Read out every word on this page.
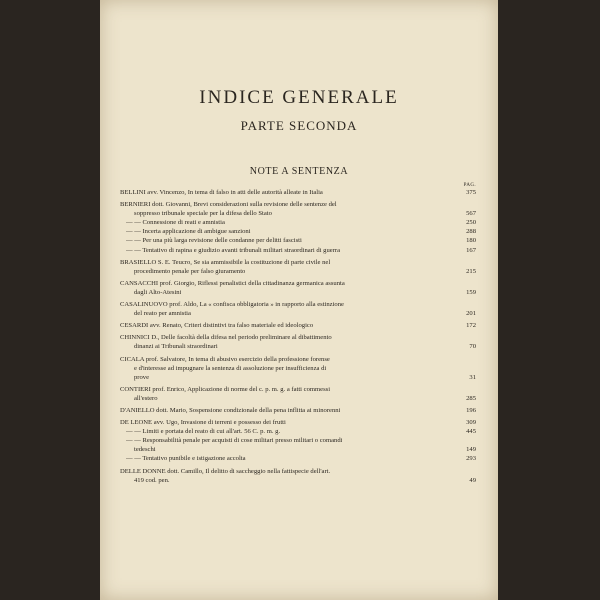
INDICE GENERALE
PARTE SECONDA
NOTE A SENTENZA
PAG.
BELLINI avv. Vincenzo, In tema di falso in atti delle autorità alleate in Italia	375
BERNIERI dott. Giovanni, Brevi considerazioni sulla revisione delle sentenze del
soppresso tribunale speciale per la difesa dello Stato	567
— — Connessione di reati e amnistia	250
— — Incerta applicazione di ambigue sanzioni	288
— — Per una più larga revisione delle condanne per delitti fascisti	180
— — Tentativo di rapina e giudizio avanti tribunali militari straordinari di guerra	167
BRASIELLO S. E. Teucro, Se sia ammissibile la costituzione di parte civile nel
procedimento penale per falso giuramento	215
CANSACCHI prof. Giorgio, Riflessi penalistici della cittadinanza germanica assunta
dagli Alto-Atesini	159
CASALINUOVO prof. Aldo, La « confisca obbligatoria » in rapporto alla estinzione
del reato per amnistia	201
CESARDI avv. Renato, Criteri distintivi tra falso materiale ed ideologico	172
CHINNICI D., Delle facoltà della difesa nel periodo preliminare al dibattimento
dinanzi ai Tribunali straordinari	70
CICALA prof. Salvatore, In tema di abusivo esercizio della professione forense
e d'interesse ad impugnare la sentenza di assoluzione per insufficienza di
prove	31
CONTIERI prof. Enrico, Applicazione di norme del c. p. m. g. a fatti commessi
all'estero	285
D'ANIELLO dott. Mario, Sospensione condizionale della pena inflitta ai minorenni	196
DE LEONE avv. Ugo, Invasione di terreni e possesso dei frutti	309
— — Limiti e portata del reato di cui all'art. 56 C. p. m. g.	445
— — Responsabilità penale per acquisti di cose militari presso militari o comandi
tedeschi	149
— — Tentativo punibile e istigazione accolta	293
DELLE DONNE dott. Camillo, Il delitto di saccheggio nella fattispecie dell'art.
419 cod. pen.	49
